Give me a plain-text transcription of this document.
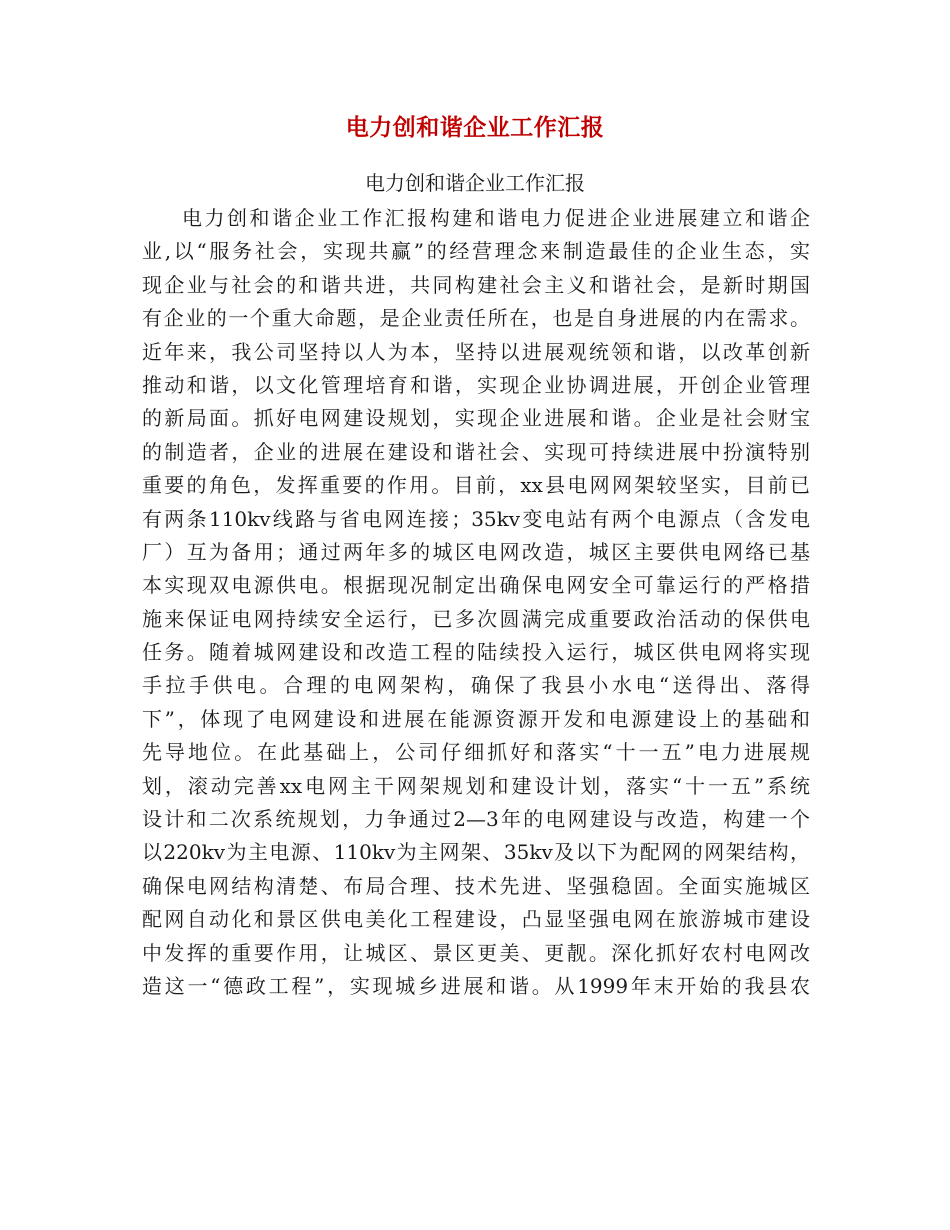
电力创和谐企业工作汇报

电力创和谐企业工作汇报

电力创和谐企业工作汇报构建和谐电力促进企业进展建立和谐企
业,以“服务社会，实现共赢”的经营理念来制造最佳的企业生态，实
现企业与社会的和谐共进，共同构建社会主义和谐社会，是新时期国
有企业的一个重大命题，是企业责任所在，也是自身进展的内在需求。
近年来，我公司坚持以人为本，坚持以进展观统领和谐，以改革创新
推动和谐，以文化管理培育和谐，实现企业协调进展，开创企业管理
的新局面。抓好电网建设规划，实现企业进展和谐。企业是社会财宝
的制造者，企业的进展在建设和谐社会、实现可持续进展中扮演特别
重要的角色，发挥重要的作用。目前，xx县电网网架较坚实，目前已
有两条110kv线路与省电网连接；35kv变电站有两个电源点（含发电
厂）互为备用；通过两年多的城区电网改造，城区主要供电网络已基
本实现双电源供电。根据现况制定出确保电网安全可靠运行的严格措
施来保证电网持续安全运行，已多次圆满完成重要政治活动的保供电
任务。随着城网建设和改造工程的陆续投入运行，城区供电网将实现
手拉手供电。合理的电网架构，确保了我县小水电“送得出、落得
下”，体现了电网建设和进展在能源资源开发和电源建设上的基础和
先导地位。在此基础上，公司仔细抓好和落实“十一五”电力进展规
划，滚动完善xx电网主干网架规划和建设计划，落实“十一五”系统
设计和二次系统规划，力争通过2—3年的电网建设与改造，构建一个
以220kv为主电源、110kv为主网架、35kv及以下为配网的网架结构，
确保电网结构清楚、布局合理、技术先进、坚强稳固。全面实施城区
配网自动化和景区供电美化工程建设，凸显坚强电网在旅游城市建设
中发挥的重要作用，让城区、景区更美、更靓。深化抓好农村电网改
造这一“德政工程”，实现城乡进展和谐。从1999年末开始的我县农
